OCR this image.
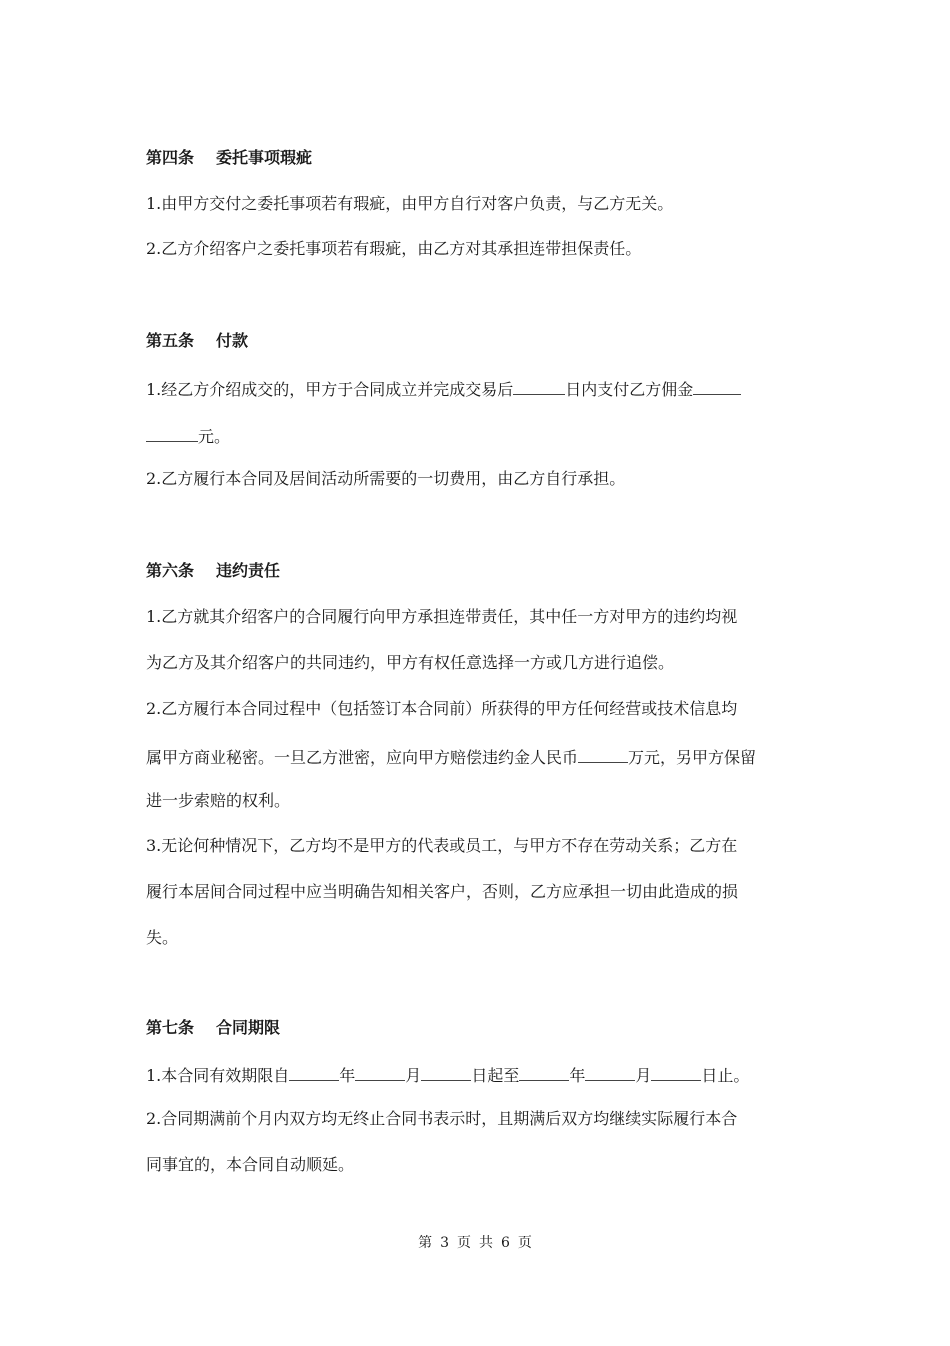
第四条 委托事项瑕疵
1.由甲方交付之委托事项若有瑕疵，由甲方自行对客户负责，与乙方无关。
2.乙方介绍客户之委托事项若有瑕疵，由乙方对其承担连带担保责任。
第五条 付款
1.经乙方介绍成交的，甲方于合同成立并完成交易后	日内支付乙方佣金
元。
2.乙方履行本合同及居间活动所需要的一切费用，由乙方自行承担。
第六条 违约责任
1.乙方就其介绍客户的合同履行向甲方承担连带责任，其中任一方对甲方的违约均视
为乙方及其介绍客户的共同违约，甲方有权任意选择一方或几方进行追偿。
2.乙方履行本合同过程中（包括签订本合同前）所获得的甲方任何经营或技术信息均
属甲方商业秘密。一旦乙方泄密，应向甲方赔偿违约金人民币	万元，另甲方保留
进一步索赔的权利。
3.无论何种情况下，乙方均不是甲方的代表或员工，与甲方不存在劳动关系；乙方在
履行本居间合同过程中应当明确告知相关客户，否则，乙方应承担一切由此造成的损
失。
第七条 合同期限
1.本合同有效期限自	年	月	日起至	年	月	日止。
2.合同期满前个月内双方均无终止合同书表示时，且期满后双方均继续实际履行本合
同事宜的，本合同自动顺延。
第 3 页 共 6 页
